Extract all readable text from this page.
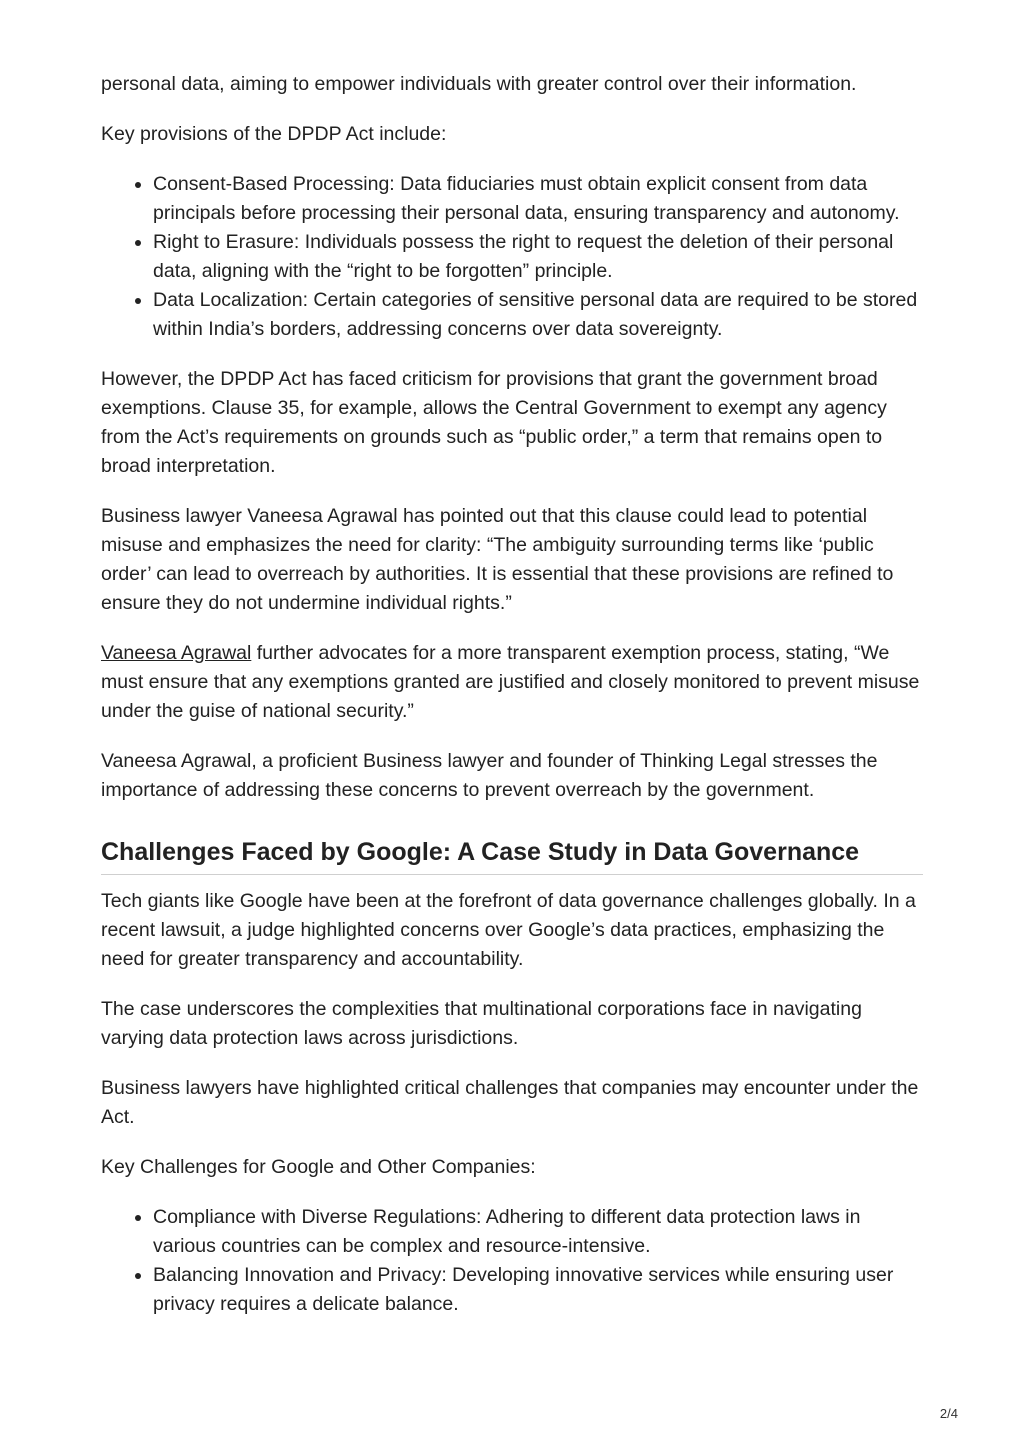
personal data, aiming to empower individuals with greater control over their information.

Key provisions of the DPDP Act include:

• Consent-Based Processing: Data fiduciaries must obtain explicit consent from data principals before processing their personal data, ensuring transparency and autonomy.
• Right to Erasure: Individuals possess the right to request the deletion of their personal data, aligning with the “right to be forgotten” principle.
• Data Localization: Certain categories of sensitive personal data are required to be stored within India’s borders, addressing concerns over data sovereignty.

However, the DPDP Act has faced criticism for provisions that grant the government broad exemptions. Clause 35, for example, allows the Central Government to exempt any agency from the Act’s requirements on grounds such as “public order,” a term that remains open to broad interpretation.

Business lawyer Vaneesa Agrawal has pointed out that this clause could lead to potential misuse and emphasizes the need for clarity: “The ambiguity surrounding terms like ‘public order’ can lead to overreach by authorities. It is essential that these provisions are refined to ensure they do not undermine individual rights.”

Vaneesa Agrawal further advocates for a more transparent exemption process, stating, “We must ensure that any exemptions granted are justified and closely monitored to prevent misuse under the guise of national security.”

Vaneesa Agrawal, a proficient Business lawyer and founder of Thinking Legal stresses the importance of addressing these concerns to prevent overreach by the government.

Challenges Faced by Google: A Case Study in Data Governance

Tech giants like Google have been at the forefront of data governance challenges globally. In a recent lawsuit, a judge highlighted concerns over Google’s data practices, emphasizing the need for greater transparency and accountability.

The case underscores the complexities that multinational corporations face in navigating varying data protection laws across jurisdictions.

Business lawyers have highlighted critical challenges that companies may encounter under the Act.

Key Challenges for Google and Other Companies:

• Compliance with Diverse Regulations: Adhering to different data protection laws in various countries can be complex and resource-intensive.
• Balancing Innovation and Privacy: Developing innovative services while ensuring user privacy requires a delicate balance.
2/4
